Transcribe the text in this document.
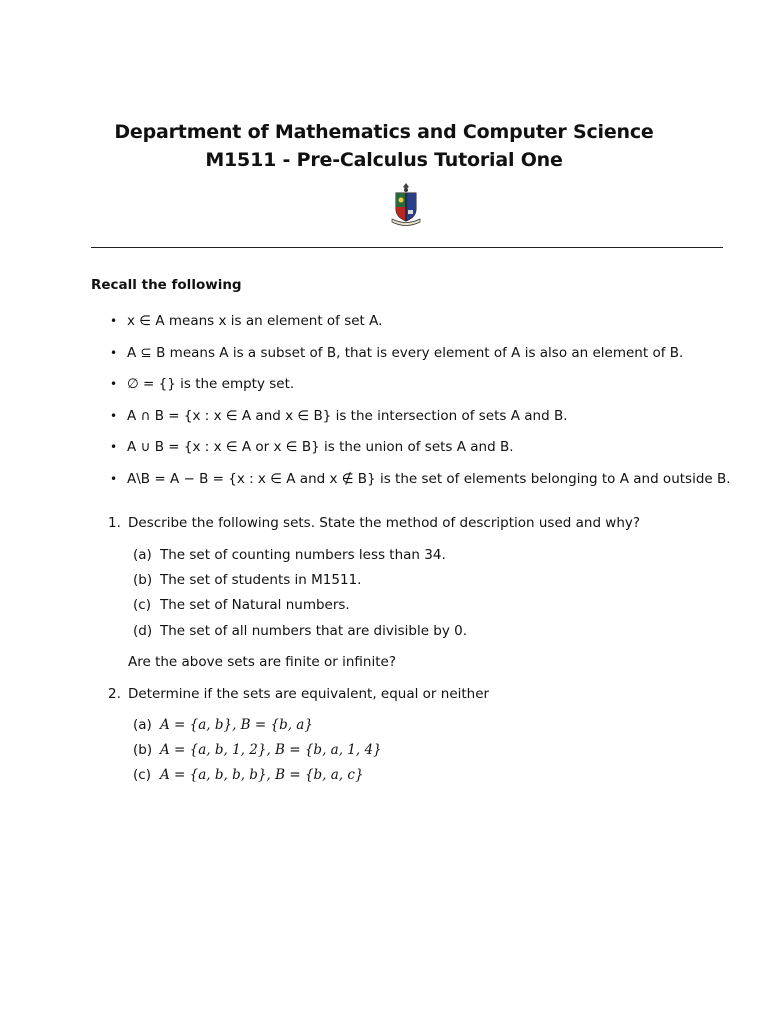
Department of Mathematics and Computer Science
M1511 - Pre-Calculus Tutorial One
Recall the following
• x ∈ A means x is an element of set A.
• A ⊆ B means A is a subset of B, that is every element of A is also an element of B.
• ∅ = {} is the empty set.
• A ∩ B = {x : x ∈ A and x ∈ B} is the intersection of sets A and B.
• A ∪ B = {x : x ∈ A or x ∈ B} is the union of sets A and B.
• A\B = A − B = {x : x ∈ A and x ∉ B} is the set of elements belonging to A and outside B.
1. Describe the following sets. State the method of description used and why?
(a) The set of counting numbers less than 34.
(b) The set of students in M1511.
(c) The set of Natural numbers.
(d) The set of all numbers that are divisible by 0.
Are the above sets are finite or infinite?
2. Determine if the sets are equivalent, equal or neither
(a) A = {a, b}, B = {b, a}
(b) A = {a, b, 1, 2}, B = {b, a, 1, 4}
(c) A = {a, b, b, b}, B = {b, a, c}
